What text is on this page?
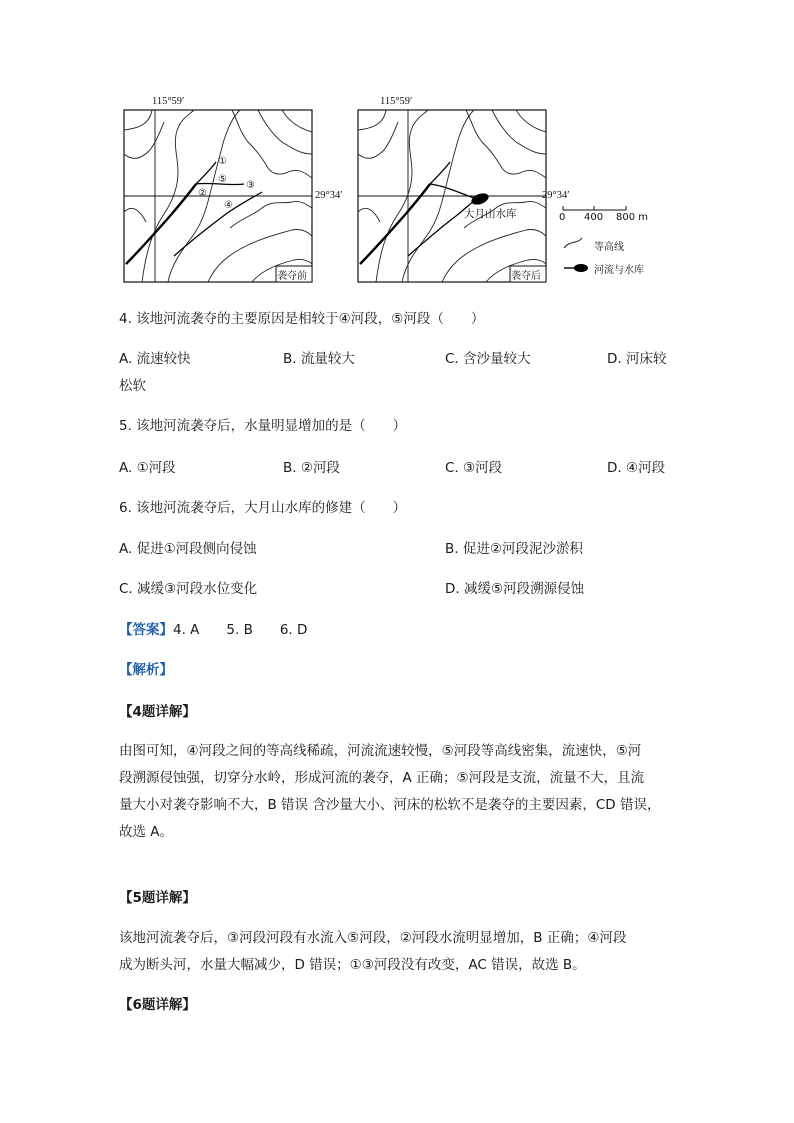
115°59′
29°34′
袭夺前
115°59′
29°34′
袭夺后
大月山水库
①
②
③
④
⑤
0 400 800 m
等高线
河流与水库
4. 该地河流袭夺的主要原因是相较于④河段，⑤河段（　　）
A. 流速较快	B. 流量较大	C. 含沙量较大	D. 河床较
松软
5. 该地河流袭夺后，水量明显增加的是（　　）
A. ①河段	B. ②河段	C. ③河段	D. ④河段
6. 该地河流袭夺后，大月山水库的修建（　　）
A. 促进①河段侧向侵蚀	B. 促进②河段泥沙淤积
C. 减缓③河段水位变化	D. 减缓⑤河段溯源侵蚀
【答案】4. A　　5. B　　6. D
【解析】
【4题详解】
由图可知，④河段之间的等高线稀疏，河流流速较慢，⑤河段等高线密集，流速快，⑤河
段溯源侵蚀强，切穿分水岭，形成河流的袭夺，A 正确；⑤河段是支流，流量不大，且流
量大小对袭夺影响不大，B 错误 含沙量大小、河床的松软不是袭夺的主要因素，CD 错误，
故选 A。
【5题详解】
该地河流袭夺后，③河段河段有水流入⑤河段，②河段水流明显增加，B 正确；④河段
成为断头河，水量大幅减少，D 错误；①③河段没有改变，AC 错误，故选 B。
【6题详解】
